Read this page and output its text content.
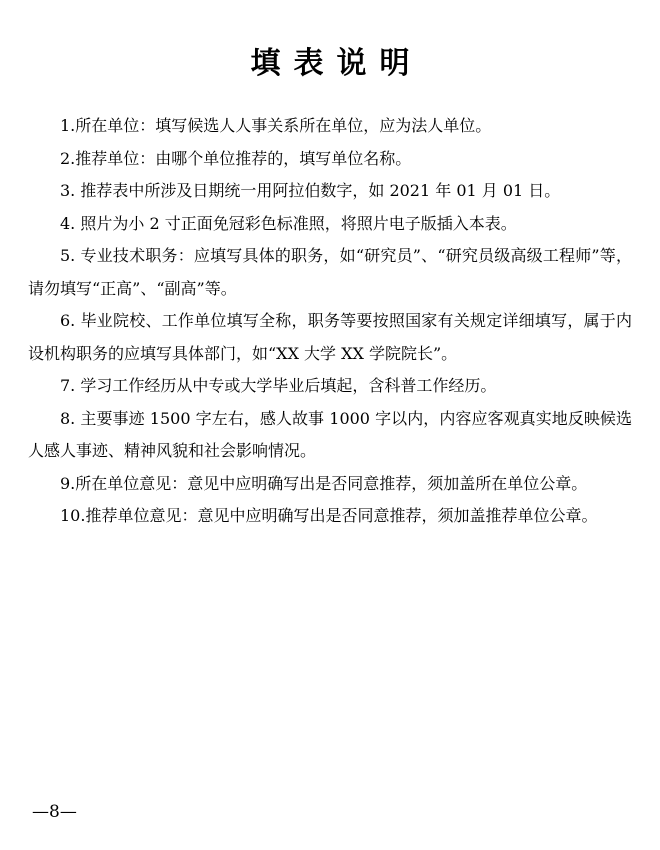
填表说明
1.所在单位：填写候选人人事关系所在单位，应为法人单位。
2.推荐单位：由哪个单位推荐的，填写单位名称。
3. 推荐表中所涉及日期统一用阿拉伯数字，如 2021 年 01 月 01 日。
4. 照片为小 2 寸正面免冠彩色标准照，将照片电子版插入本表。
5. 专业技术职务：应填写具体的职务，如“研究员”、“研究员级高级工程师”等，请勿填写“正高”、“副高”等。
6. 毕业院校、工作单位填写全称，职务等要按照国家有关规定详细填写，属于内设机构职务的应填写具体部门，如“XX 大学 XX 学院院长”。
7. 学习工作经历从中专或大学毕业后填起，含科普工作经历。
8. 主要事迹 1500 字左右，感人故事 1000 字以内，内容应客观真实地反映候选人感人事迹、精神风貌和社会影响情况。
9.所在单位意见：意见中应明确写出是否同意推荐，须加盖所在单位公章。
10.推荐单位意见：意见中应明确写出是否同意推荐，须加盖推荐单位公章。
—8—
